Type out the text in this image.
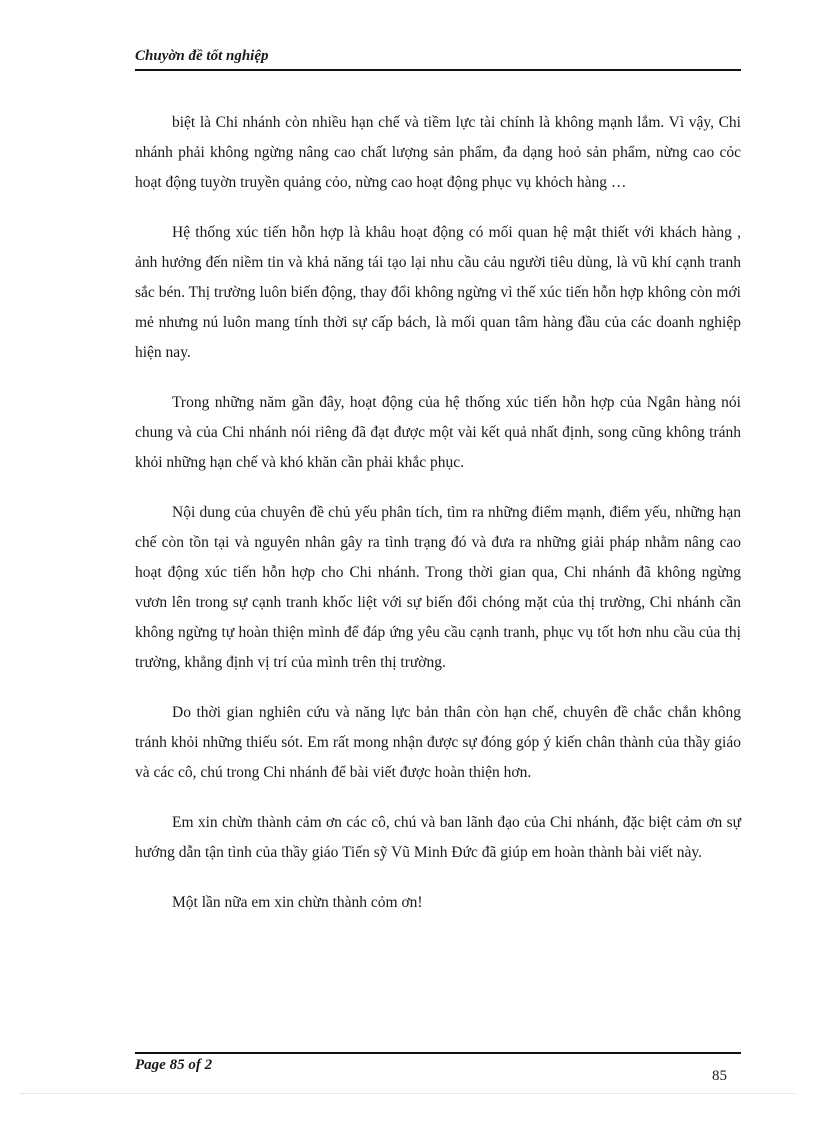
Chuyờn đề tốt nghiệp

biệt là Chi nhánh còn nhiều hạn chế và tiềm lực tài chính là không mạnh lắm. Vì vậy, Chi nhánh phải không ngừng nâng cao chất lượng sản phẩm, đa dạng hoỏ sản phẩm, nừng cao cỏc hoạt động tuyờn truyền quảng cỏo, nừng cao hoạt động phục vụ khỏch hàng …

Hệ thống xúc tiến hỗn hợp là khâu hoạt động có mối quan hệ mật thiết với khách hàng , ảnh hưởng đến niềm tin và khả năng tái tạo lại nhu cầu cảu người tiêu dùng, là vũ khí cạnh tranh sắc bén. Thị trường luôn biến động, thay đổi không ngừng vì thế xúc tiến hỗn hợp không còn mới mẻ nhưng nú luôn mang tính thời sự cấp bách, là mối quan tâm hàng đầu của các doanh nghiệp hiện nay.

Trong những năm gần đây, hoạt động của hệ thống xúc tiến hỗn hợp của Ngân hàng nói chung và của Chi nhánh nói riêng đã đạt được một vài kết quả nhất định, song cũng không tránh khỏi những hạn chế và khó khăn cần phải khắc phục.

Nội dung của chuyên đề chủ yếu phân tích, tìm ra những điểm mạnh, điểm yếu, những hạn chế còn tồn tại và nguyên nhân gây ra tình trạng đó và đưa ra những giải pháp nhằm nâng cao hoạt động xúc tiến hỗn hợp cho Chi nhánh. Trong thời gian qua, Chi nhánh đã không ngừng vươn lên trong sự cạnh tranh khốc liệt với sự biến đổi chóng mặt của thị trường, Chi nhánh cần không ngừng tự hoàn thiện mình để đáp ứng yêu cầu cạnh tranh, phục vụ tốt hơn nhu cầu của thị trường, khẳng định vị trí của mình trên thị trường.

Do thời gian nghiên cứu và năng lực bản thân còn hạn chế, chuyên đề chắc chắn không tránh khỏi những thiếu sót. Em rất mong nhận được sự đóng góp ý kiến chân thành của thầy giáo và các cô, chú trong Chi nhánh để bài viết được hoàn thiện hơn.

Em xin chừn thành cảm ơn các cô, chú và ban lãnh đạo của Chi nhánh, đặc biệt cảm ơn sự hướng dẫn tận tình của thầy giáo Tiến sỹ Vũ Minh Đức đã giúp em hoàn thành bài viết này.

Một lần nữa em xin chừn thành cỏm ơn!

Page 85 of 2
85
